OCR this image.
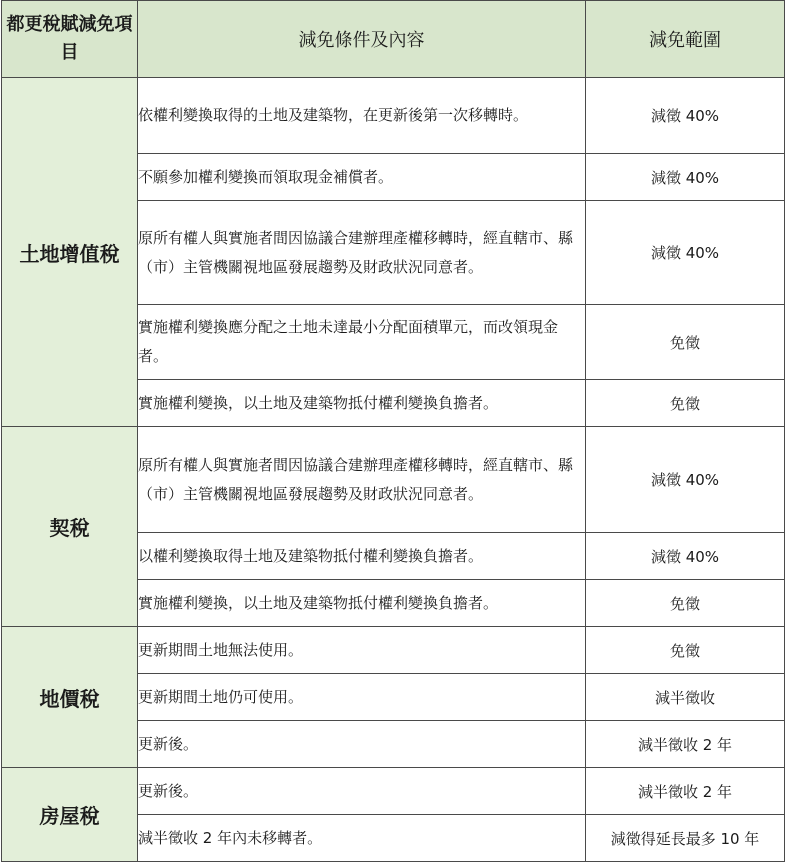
都更稅賦減免項目	減免條件及內容	減免範圍
土地增值稅	依權利變換取得的土地及建築物，在更新後第一次移轉時。	減徵 40%
	不願參加權利變換而領取現金補償者。	減徵 40%
	原所有權人與實施者間因協議合建辦理產權移轉時，經直轄市、縣（市）主管機關視地區發展趨勢及財政狀況同意者。	減徵 40%
	實施權利變換應分配之土地未達最小分配面積單元，而改領現金者。	免徵
	實施權利變換，以土地及建築物抵付權利變換負擔者。	免徵
契稅	原所有權人與實施者間因協議合建辦理產權移轉時，經直轄市、縣（市）主管機關視地區發展趨勢及財政狀況同意者。	減徵 40%
	以權利變換取得土地及建築物抵付權利變換負擔者。	減徵 40%
	實施權利變換，以土地及建築物抵付權利變換負擔者。	免徵
地價稅	更新期間土地無法使用。	免徵
	更新期間土地仍可使用。	減半徵收
	更新後。	減半徵收 2 年
房屋稅	更新後。	減半徵收 2 年
	減半徵收 2 年內未移轉者。	減徵得延長最多 10 年
